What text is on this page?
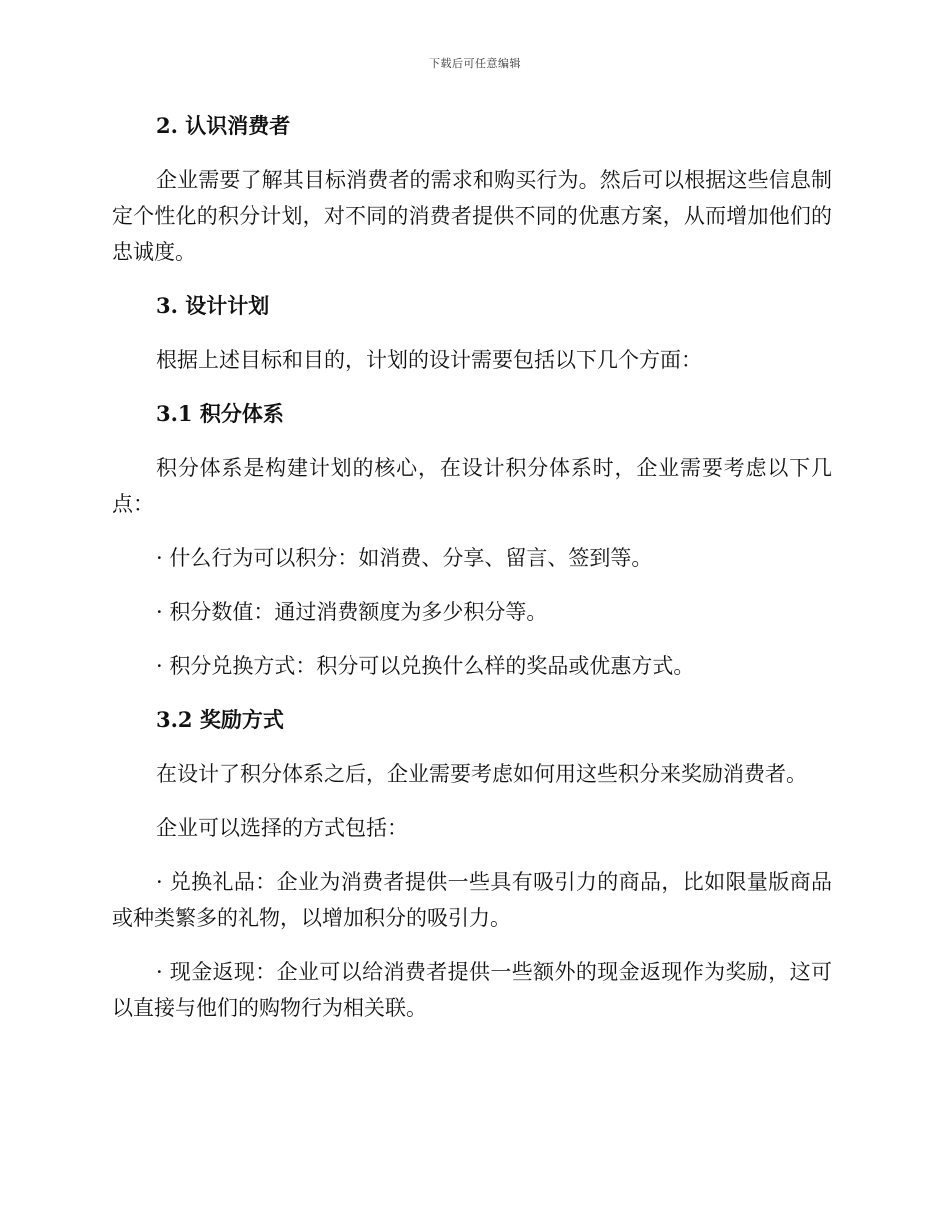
下载后可任意编辑
2. 认识消费者
企业需要了解其目标消费者的需求和购买行为。然后可以根据这些信息制定个性化的积分计划，对不同的消费者提供不同的优惠方案，从而增加他们的忠诚度。
3. 设计计划
根据上述目标和目的，计划的设计需要包括以下几个方面：
3.1 积分体系
积分体系是构建计划的核心，在设计积分体系时，企业需要考虑以下几点：
· 什么行为可以积分：如消费、分享、留言、签到等。
· 积分数值：通过消费额度为多少积分等。
· 积分兑换方式：积分可以兑换什么样的奖品或优惠方式。
3.2 奖励方式
在设计了积分体系之后，企业需要考虑如何用这些积分来奖励消费者。
企业可以选择的方式包括：
· 兑换礼品：企业为消费者提供一些具有吸引力的商品，比如限量版商品或种类繁多的礼物，以增加积分的吸引力。
· 现金返现：企业可以给消费者提供一些额外的现金返现作为奖励，这可以直接与他们的购物行为相关联。
